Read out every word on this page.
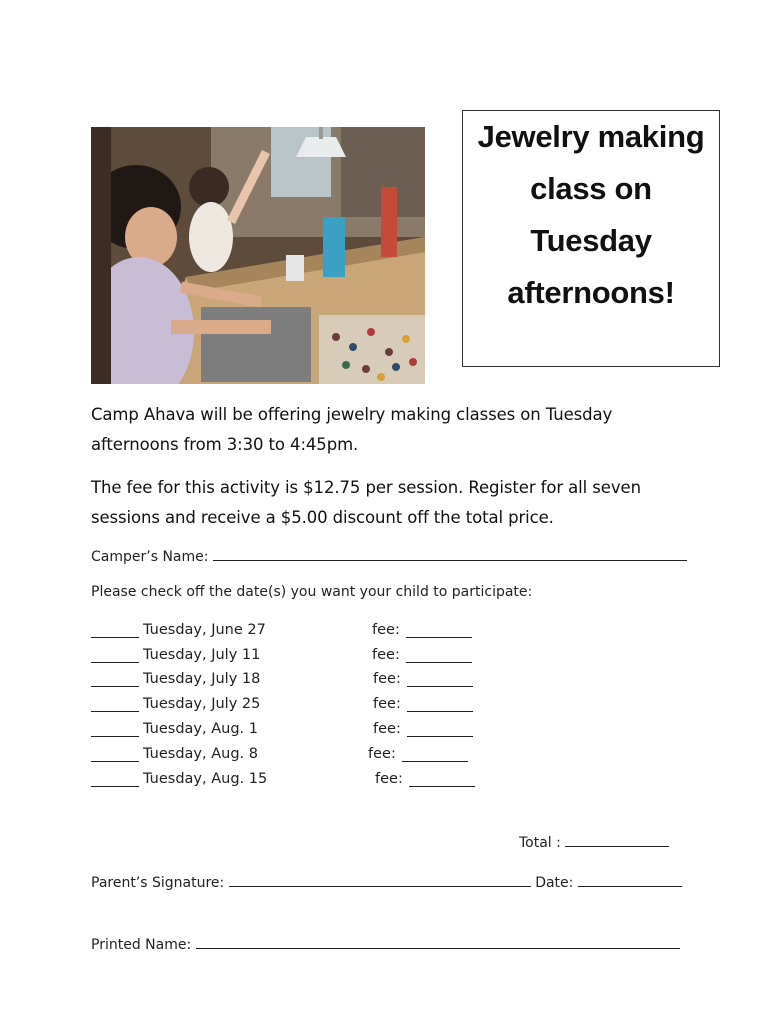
Jewelry making
class on
Tuesday
afternoons!
Camp Ahava will be offering jewelry making classes on Tuesday
afternoons from 3:30 to 4:45pm.
The fee for this activity is $12.75 per session. Register for all seven
sessions and receive a $5.00 discount off the total price.
Camper’s Name:
Please check off the date(s) you want your child to participate:
Tuesday, June 27	fee:
Tuesday, July 11	fee:
Tuesday, July 18	fee:
Tuesday, July 25	fee:
Tuesday, Aug. 1	fee:
Tuesday, Aug. 8	fee:
Tuesday, Aug. 15	fee:
Total :
Parent’s Signature:	Date:
Printed Name:
